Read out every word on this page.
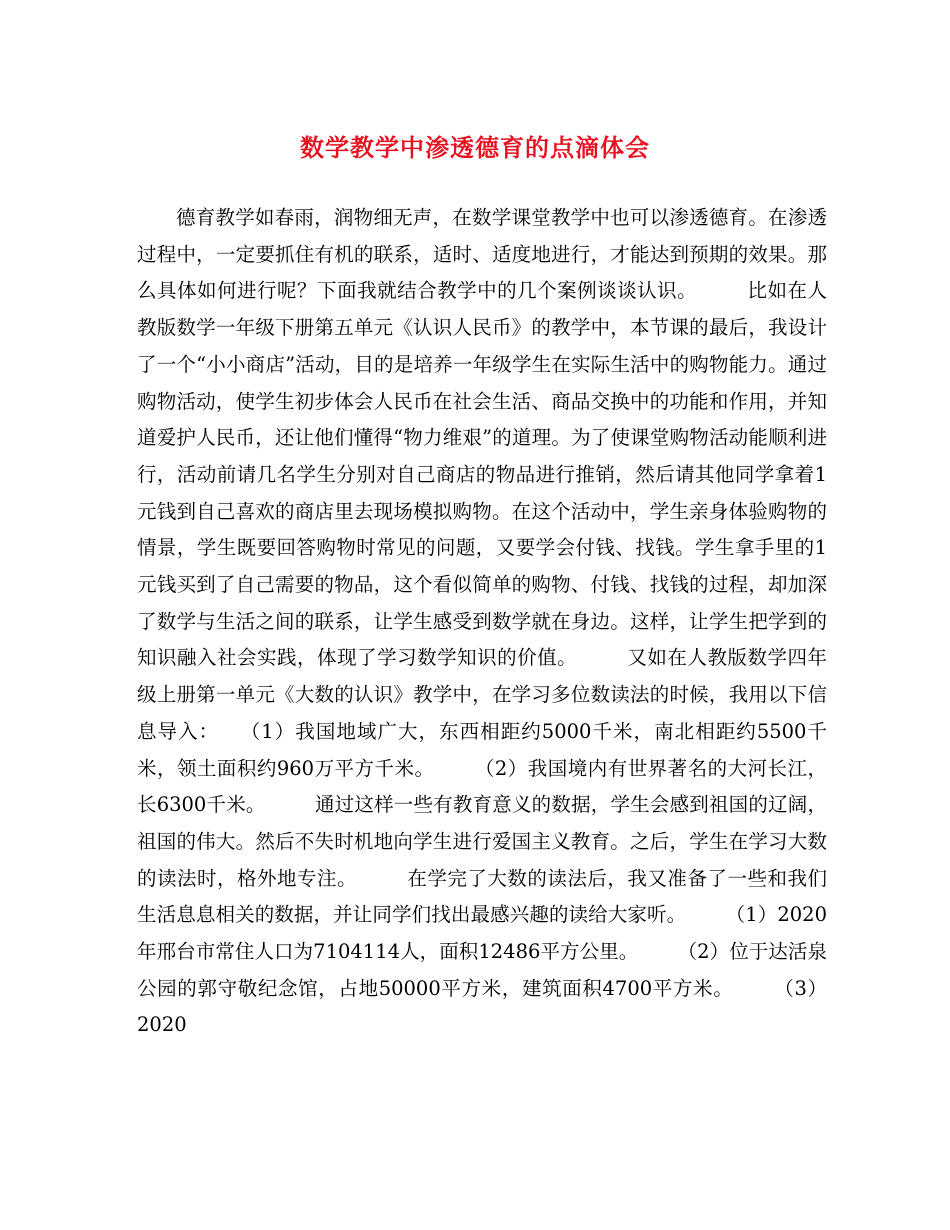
数学教学中渗透德育的点滴体会

德育教学如春雨，润物细无声，在数学课堂教学中也可以渗透德育。在渗透过程中，一定要抓住有机的联系，适时、适度地进行，才能达到预期的效果。那么具体如何进行呢？下面我就结合教学中的几个案例谈谈认识。　　　比如在人教版数学一年级下册第五单元《认识人民币》的教学中，本节课的最后，我设计了一个“小小商店”活动，目的是培养一年级学生在实际生活中的购物能力。通过购物活动，使学生初步体会人民币在社会生活、商品交换中的功能和作用，并知道爱护人民币，还让他们懂得“物力维艰”的道理。为了使课堂购物活动能顺利进行，活动前请几名学生分别对自己商店的物品进行推销，然后请其他同学拿着1元钱到自己喜欢的商店里去现场模拟购物。在这个活动中，学生亲身体验购物的情景，学生既要回答购物时常见的问题，又要学会付钱、找钱。学生拿手里的1元钱买到了自己需要的物品，这个看似简单的购物、付钱、找钱的过程，却加深了数学与生活之间的联系，让学生感受到数学就在身边。这样，让学生把学到的知识融入社会实践，体现了学习数学知识的价值。　　　又如在人教版数学四年级上册第一单元《大数的认识》教学中，在学习多位数读法的时候，我用以下信息导入：　　（1）我国地域广大，东西相距约5000千米，南北相距约5500千米，领土面积约960万平方千米。　　　（2）我国境内有世界著名的大河长江，长6300千米。　　　通过这样一些有教育意义的数据，学生会感到祖国的辽阔，祖国的伟大。然后不失时机地向学生进行爱国主义教育。之后，学生在学习大数的读法时，格外地专注。　　　在学完了大数的读法后，我又准备了一些和我们生活息息相关的数据，并让同学们找出最感兴趣的读给大家听。　　　（1）2020年邢台市常住人口为7104114人，面积12486平方公里。　　　（2）位于达活泉公园的郭守敬纪念馆，占地50000平方米，建筑面积4700平方米。　　　（3）2020
